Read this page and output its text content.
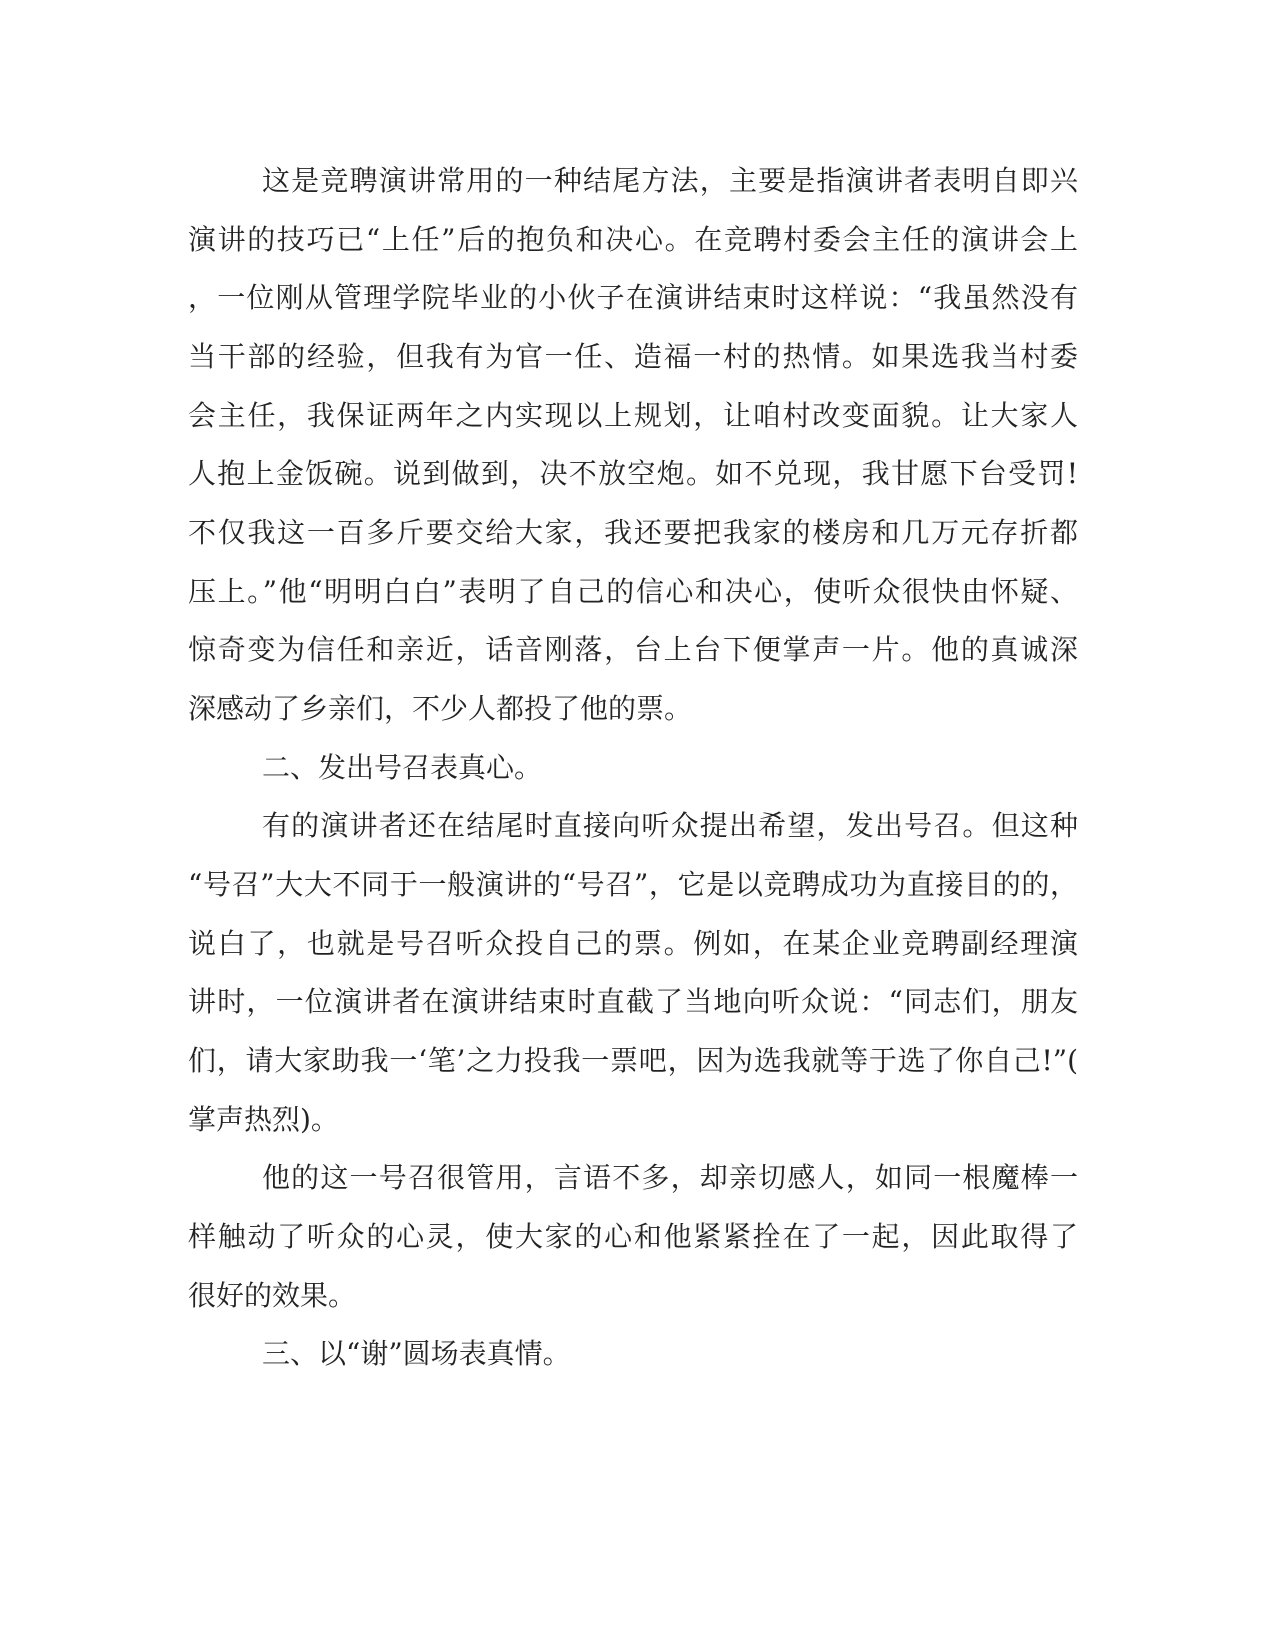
这是竞聘演讲常用的一种结尾方法，主要是指演讲者表明自即兴

演讲的技巧已“上任”后的抱负和决心。在竞聘村委会主任的演讲会上

，一位刚从管理学院毕业的小伙子在演讲结束时这样说：“我虽然没有

当干部的经验，但我有为官一任、造福一村的热情。如果选我当村委

会主任，我保证两年之内实现以上规划，让咱村改变面貌。让大家人

人抱上金饭碗。说到做到，决不放空炮。如不兑现，我甘愿下台受罚!

不仅我这一百多斤要交给大家，我还要把我家的楼房和几万元存折都

压上。”他“明明白白”表明了自己的信心和决心，使听众很快由怀疑、

惊奇变为信任和亲近，话音刚落，台上台下便掌声一片。他的真诚深

深感动了乡亲们，不少人都投了他的票。

二、发出号召表真心。

有的演讲者还在结尾时直接向听众提出希望，发出号召。但这种

“号召”大大不同于一般演讲的“号召”，它是以竞聘成功为直接目的的，

说白了，也就是号召听众投自己的票。例如，在某企业竞聘副经理演

讲时，一位演讲者在演讲结束时直截了当地向听众说：“同志们，朋友

们，请大家助我一‘笔’之力投我一票吧，因为选我就等于选了你自己!”(

掌声热烈)。

他的这一号召很管用，言语不多，却亲切感人，如同一根魔棒一

样触动了听众的心灵，使大家的心和他紧紧拴在了一起，因此取得了

很好的效果。

三、以“谢”圆场表真情。
